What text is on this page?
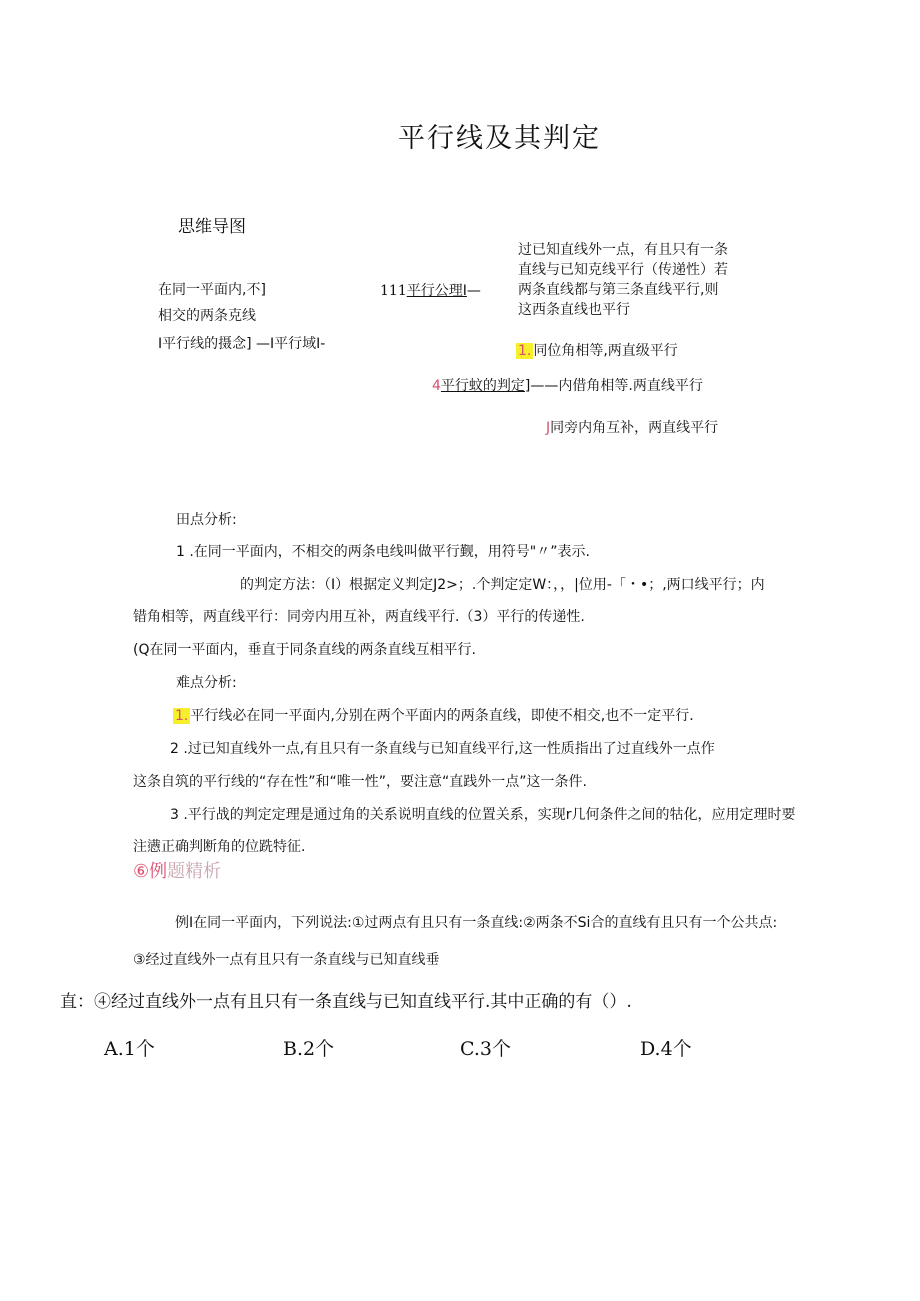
平行线及其判定
思维导图
在同一平面内,不]
相交的两条克线
I平行线的摄念] —I平行域I-
111平行公理I—
过已知直线外一点，有且只有一条
直线与已知克线平行（传递性）若
两条直线都与第三条直线平行,则
这西条直线也平行
1. 同位角相等,两直级平行
4平行蚊的判定]——内借角相等.两直线平行
J同旁内角互补，两直线平行
田点分析:
1 .在同一平面内，不相交的两条电线叫做平行觐，用符号"〃”表示.
的判定方法：（I）根据定义判定J2>；.个判定定W：，，|位用-「・•；,两口线平行；内
错角相等，两直线平行：同旁内用互补，两直线平行.（3）平行的传递性.
(Q在同一平面内，垂直于同条直线的两条直线互相平行.
难点分析:
1. 平行线必在同一平面内,分别在两个平面内的两条直线，即使不相交,也不一定平行.
2 .过已知直线外一点,有且只有一条直线与已知直线平行,这一性质指出了过直线外一点作
这条自筑的平行线的“存在性”和“唯一性”，要注意“直践外一点”这一条件.
3 .平行战的判定定理是通过角的关系说明直线的位置关系，实现r几何条件之间的牯化，应用定理时要
注懑正确判断角的位跣特征.
⑥例题精析
例I在同一平面内，下列说法:①过两点有且只有一条直线:②两条不Si合的直线有且只有一个公共点:
③经过直线外一点有且只有一条直线与已知直线垂
直：④经过直线外一点有且只有一条直线与已知直线平行.其中正确的有（）.
A.1个	B.2个	C.3个	D.4个
